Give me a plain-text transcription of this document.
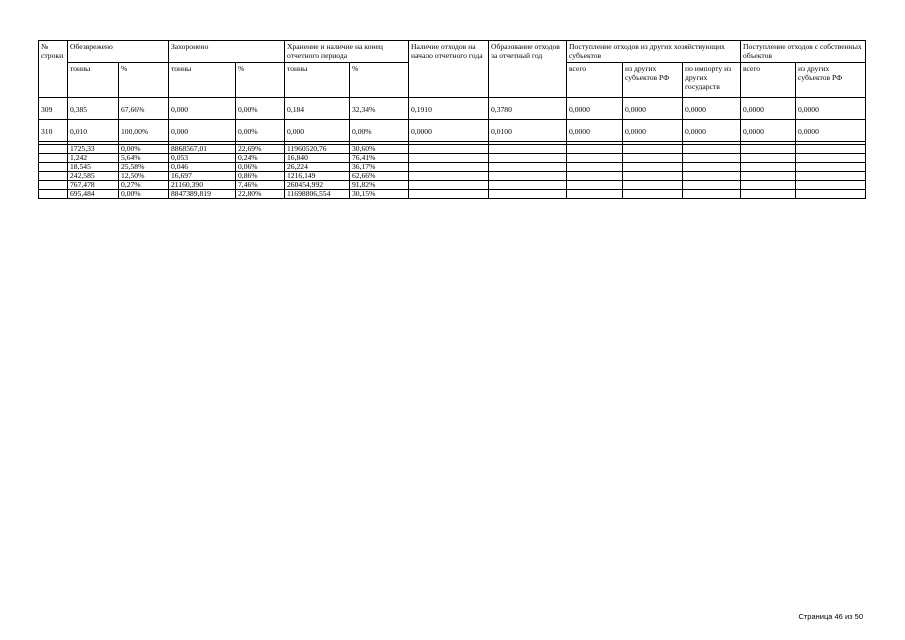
№ строки	Обезврежено		Захоронено		Хранение и наличие на конец отчетного периода		Наличие отходов на начало отчетного года	Образование отходов за отчетный год	Поступление отходов из других хозяйствующих субъектов			Поступление отходов с собственных объектов	
	тонны	%	тонны	%	тонны	%			всего	из других субъектов РФ	по импорту из других государств	всего	из других субъектов РФ
309	0,385	67,66%	0,000	0,00%	0,184	32,34%	0,1910	0,3780	0,0000	0,0000	0,0000	0,0000	0,0000
310	0,010	100,00%	0,000	0,00%	0,000	0,00%	0,0000	0,0100	0,0000	0,0000	0,0000	0,0000	0,0000

	1725,33	0,00%	8868567,01	22,69%	11960520,76	30,60%							
	1,242	5,64%	0,053	0,24%	16,840	76,41%							
	18,545	25,58%	0,046	0,06%	26,224	36,17%							
	242,585	12,50%	16,697	0,86%	1216,149	62,66%							
	767,478	0,27%	21160,390	7,46%	260454,992	91,82%							
	695,484	0,00%	8847389,819	22,80%	11698806,554	30,15%							
Страница 46 из 50
